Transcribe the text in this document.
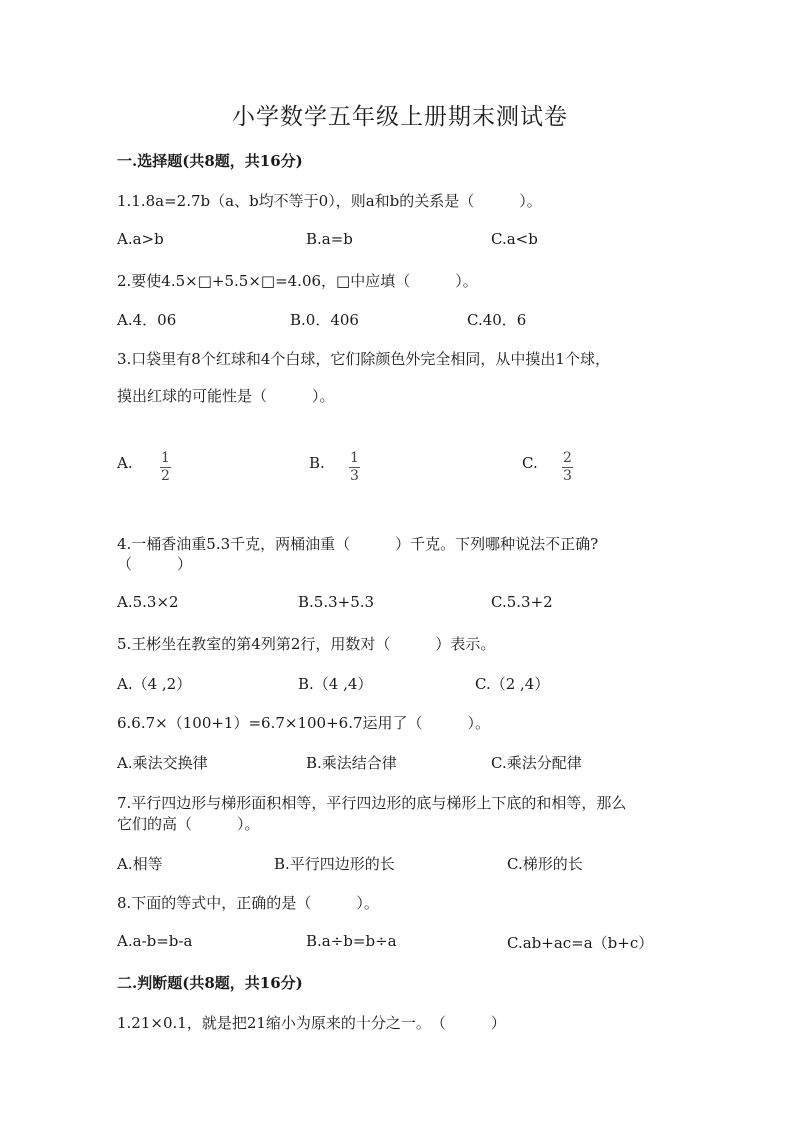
小学数学五年级上册期末测试卷
一.选择题(共8题，共16分)
1.1.8a=2.7b（a、b均不等于0），则a和b的关系是（　　　）。
A.a>b	B.a=b	C.a<b
2.要使4.5×□+5.5×□=4.06，□中应填（　　　）。
A.4．06	B.0．406	C.40．6
3.口袋里有8个红球和4个白球，它们除颜色外完全相同，从中摸出1个球，
摸出红球的可能性是（　　　）。
A. $\frac{1}{2}$	B. $\frac{1}{3}$	C. $\frac{2}{3}$
4.一桶香油重5.3千克，两桶油重（　　　）千克。下列哪种说法不正确?
（　　　）
A.5.3×2	B.5.3+5.3	C.5.3+2
5.王彬坐在教室的第4列第2行，用数对（　　　）表示。
A.（4 ,2）	B.（4 ,4）	C.（2 ,4）
6.6.7×（100+1）=6.7×100+6.7运用了（　　　）。
A.乘法交换律	B.乘法结合律	C.乘法分配律
7.平行四边形与梯形面积相等，平行四边形的底与梯形上下底的和相等，那么
它们的高（　　　）。
A.相等	B.平行四边形的长	C.梯形的长
8.下面的等式中，正确的是（　　　）。
A.a-b=b-a	B.a÷b=b÷a	C.ab+ac=a（b+c）
二.判断题(共8题，共16分)
1.21×0.1，就是把21缩小为原来的十分之一。　（　　　）
